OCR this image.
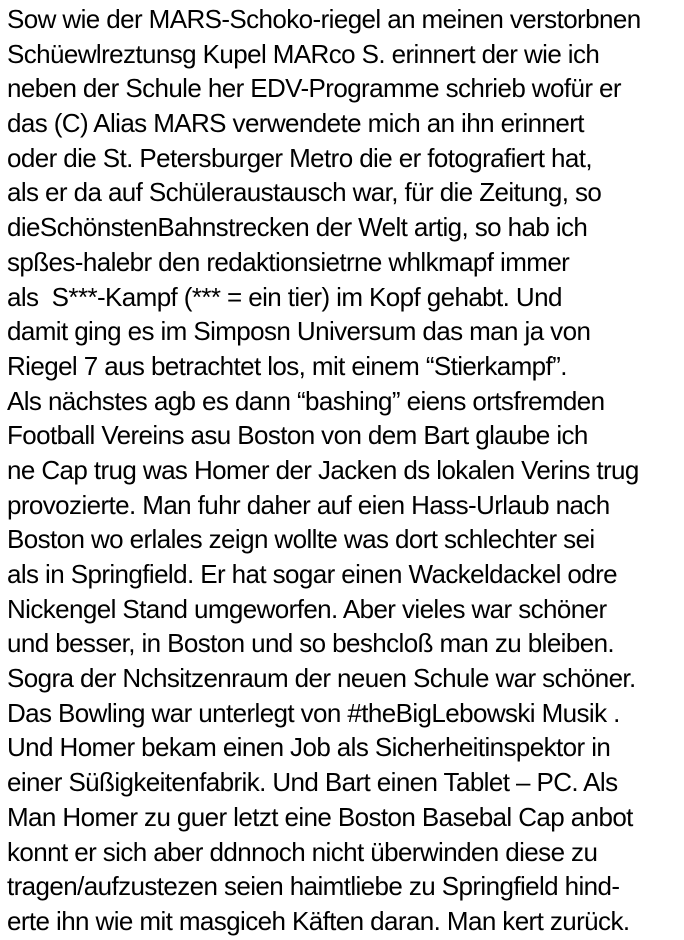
Sow wie der MARS-Schoko-riegel an meinen verstorbnen
Schüewlreztunsg Kupel MARco S. erinnert der wie ich
neben der Schule her EDV-Programme schrieb wofür er
das (C) Alias MARS verwendete mich an ihn erinnert
oder die St. Petersburger Metro die er fotografiert hat,
als er da auf Schüleraustausch war, für die Zeitung, so
dieSchönstenBahnstrecken der Welt artig, so hab ich
spßes-halebr den redaktionsietrne whlkmapf immer
als  S***-Kampf (*** = ein tier) im Kopf gehabt. Und
damit ging es im Simposn Universum das man ja von
Riegel 7 aus betrachtet los, mit einem “Stierkampf”.
Als nächstes agb es dann “bashing” eiens ortsfremden
Football Vereins asu Boston von dem Bart glaube ich
ne Cap trug was Homer der Jacken ds lokalen Verins trug
provozierte. Man fuhr daher auf eien Hass-Urlaub nach
Boston wo erlales zeign wollte was dort schlechter sei
als in Springfield. Er hat sogar einen Wackeldackel odre
Nickengel Stand umgeworfen. Aber vieles war schöner
und besser, in Boston und so beshcloß man zu bleiben.
Sogra der Nchsitzenraum der neuen Schule war schöner.
Das Bowling war unterlegt von #theBigLebowski Musik .
Und Homer bekam einen Job als Sicherheitinspektor in
einer Süßigkeitenfabrik. Und Bart einen Tablet – PC. Als
Man Homer zu guer letzt eine Boston Basebal Cap anbot
konnt er sich aber ddnnoch nicht überwinden diese zu
tragen/aufzustezen seien haimtliebe zu Springfield hind-
erte ihn wie mit masgiceh Käften daran. Man kert zurück.
